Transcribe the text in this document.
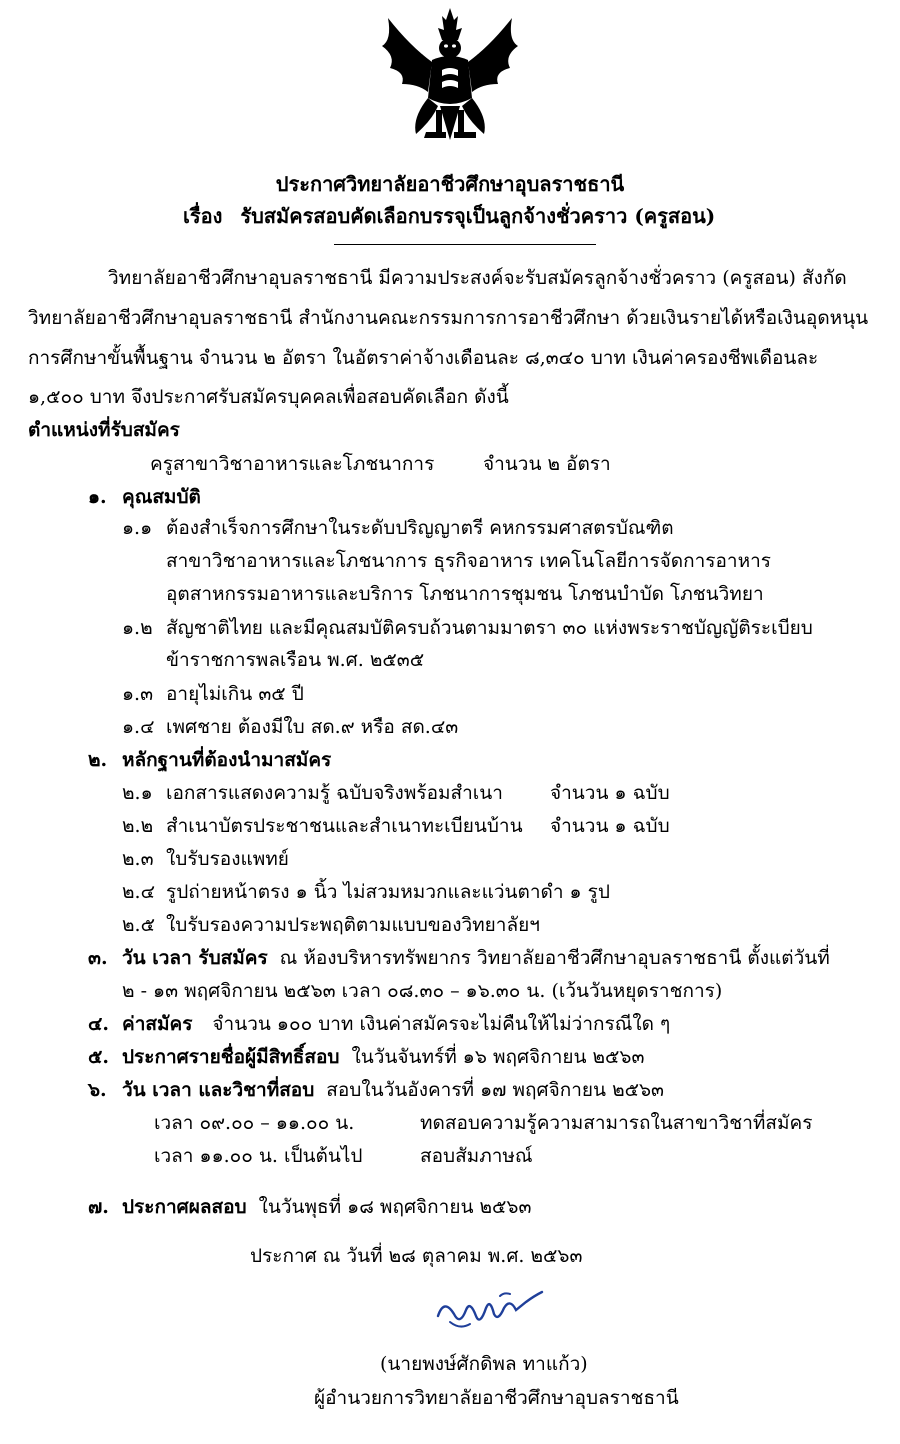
ประกาศวิทยาลัยอาชีวศึกษาอุบลราชธานี
เรื่อง รับสมัครสอบคัดเลือกบรรจุเป็นลูกจ้างชั่วคราว (ครูสอน)
วิทยาลัยอาชีวศึกษาอุบลราชธานี มีความประสงค์จะรับสมัครลูกจ้างชั่วคราว (ครูสอน) สังกัด
วิทยาลัยอาชีวศึกษาอุบลราชธานี สำนักงานคณะกรรมการการอาชีวศึกษา ด้วยเงินรายได้หรือเงินอุดหนุน
การศึกษาขั้นพื้นฐาน จำนวน ๒ อัตรา ในอัตราค่าจ้างเดือนละ ๘,๓๔๐ บาท เงินค่าครองชีพเดือนละ
๑,๕๐๐ บาท จึงประกาศรับสมัครบุคคลเพื่อสอบคัดเลือก ดังนี้
ตำแหน่งที่รับสมัคร
ครูสาขาวิชาอาหารและโภชนาการ	จำนวน ๒ อัตรา
๑. คุณสมบัติ
๑.๑ ต้องสำเร็จการศึกษาในระดับปริญญาตรี คหกรรมศาสตรบัณฑิต
สาขาวิชาอาหารและโภชนาการ ธุรกิจอาหาร เทคโนโลยีการจัดการอาหาร
อุตสาหกรรมอาหารและบริการ โภชนาการชุมชน โภชนบำบัด โภชนวิทยา
๑.๒ สัญชาติไทย และมีคุณสมบัติครบถ้วนตามมาตรา ๓๐ แห่งพระราชบัญญัติระเบียบ
ข้าราชการพลเรือน พ.ศ. ๒๕๓๕
๑.๓ อายุไม่เกิน ๓๕ ปี
๑.๔ เพศชาย ต้องมีใบ สด.๙ หรือ สด.๔๓
๒. หลักฐานที่ต้องนำมาสมัคร
๒.๑ เอกสารแสดงความรู้ ฉบับจริงพร้อมสำเนา จำนวน ๑ ฉบับ
๒.๒ สำเนาบัตรประชาชนและสำเนาทะเบียนบ้าน จำนวน ๑ ฉบับ
๒.๓ ใบรับรองแพทย์
๒.๔ รูปถ่ายหน้าตรง ๑ นิ้ว ไม่สวมหมวกและแว่นตาดำ ๑ รูป
๒.๕ ใบรับรองความประพฤติตามแบบของวิทยาลัยฯ
๓. วัน เวลา รับสมัคร ณ ห้องบริหารทรัพยากร วิทยาลัยอาชีวศึกษาอุบลราชธานี ตั้งแต่วันที่
๒ - ๑๓ พฤศจิกายน ๒๕๖๓ เวลา ๐๘.๓๐ – ๑๖.๓๐ น. (เว้นวันหยุดราชการ)
๔. ค่าสมัคร จำนวน ๑๐๐ บาท เงินค่าสมัครจะไม่คืนให้ไม่ว่ากรณีใด ๆ
๕. ประกาศรายชื่อผู้มีสิทธิ์สอบ ในวันจันทร์ที่ ๑๖ พฤศจิกายน ๒๕๖๓
๖. วัน เวลา และวิชาที่สอบ สอบในวันอังคารที่ ๑๗ พฤศจิกายน ๒๕๖๓
เวลา ๐๙.๐๐ – ๑๑.๐๐ น.	ทดสอบความรู้ความสามารถในสาขาวิชาที่สมัคร
เวลา ๑๑.๐๐ น. เป็นต้นไป	สอบสัมภาษณ์
๗. ประกาศผลสอบ ในวันพุธที่ ๑๘ พฤศจิกายน ๒๕๖๓
ประกาศ ณ วันที่ ๒๘ ตุลาคม พ.ศ. ๒๕๖๓
(นายพงษ์ศักดิพล ทาแก้ว)
ผู้อำนวยการวิทยาลัยอาชีวศึกษาอุบลราชธานี
